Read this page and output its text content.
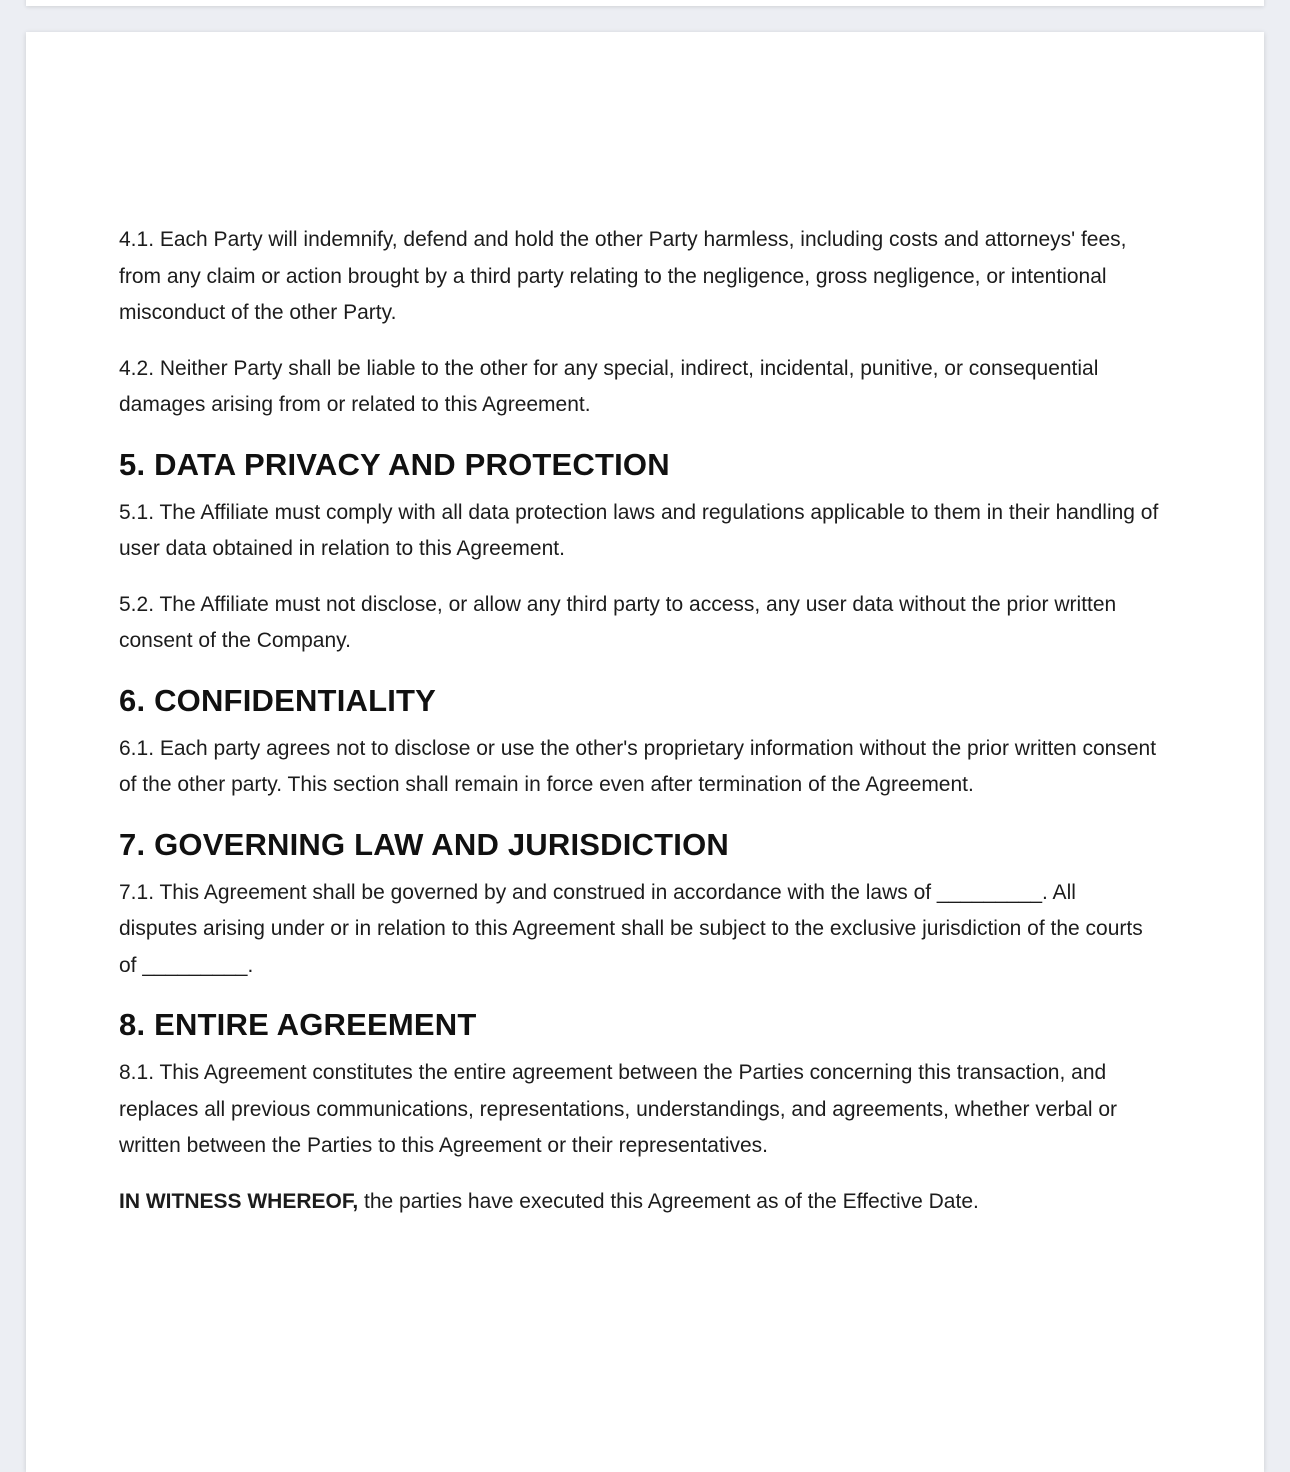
4.1. Each Party will indemnify, defend and hold the other Party harmless, including costs and attorneys' fees, from any claim or action brought by a third party relating to the negligence, gross negligence, or intentional misconduct of the other Party.

4.2. Neither Party shall be liable to the other for any special, indirect, incidental, punitive, or consequential damages arising from or related to this Agreement.

5. DATA PRIVACY AND PROTECTION

5.1. The Affiliate must comply with all data protection laws and regulations applicable to them in their handling of user data obtained in relation to this Agreement.

5.2. The Affiliate must not disclose, or allow any third party to access, any user data without the prior written consent of the Company.

6. CONFIDENTIALITY

6.1. Each party agrees not to disclose or use the other's proprietary information without the prior written consent of the other party. This section shall remain in force even after termination of the Agreement.

7. GOVERNING LAW AND JURISDICTION

7.1. This Agreement shall be governed by and construed in accordance with the laws of _________. All disputes arising under or in relation to this Agreement shall be subject to the exclusive jurisdiction of the courts of _________.

8. ENTIRE AGREEMENT

8.1. This Agreement constitutes the entire agreement between the Parties concerning this transaction, and replaces all previous communications, representations, understandings, and agreements, whether verbal or written between the Parties to this Agreement or their representatives.

IN WITNESS WHEREOF, the parties have executed this Agreement as of the Effective Date.
